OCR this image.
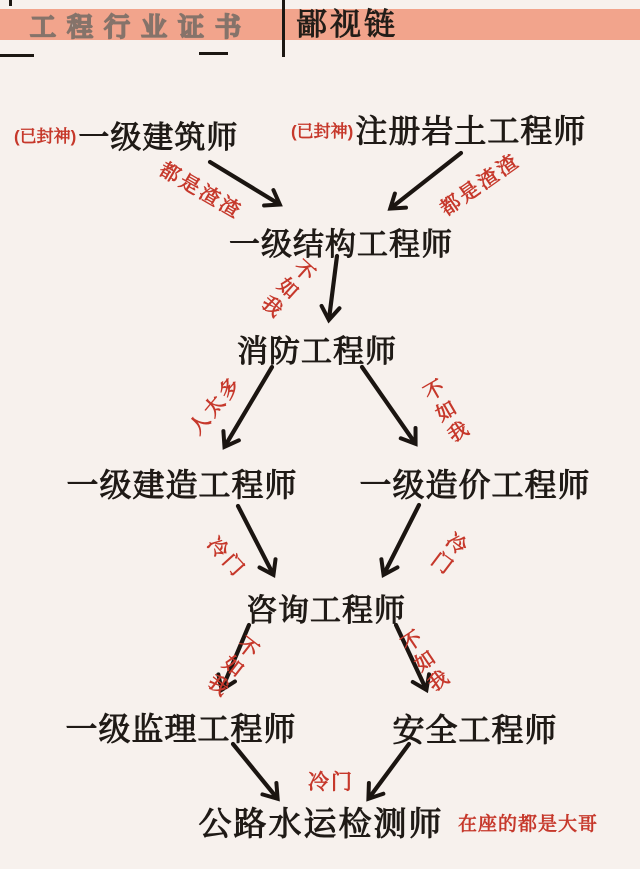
工程行业证书 鄙视链
(已封神) 一级建筑师	(已封神) 注册岩土工程师
一级结构工程师
消防工程师
一级建造工程师 一级造价工程师
咨询工程师
一级监理工程师	安全工程师
公路水运检测师
都是渣渣	都是渣渣
不如我
人太多	不如我
冷门	冷门
不如我	不如我
冷门
在座的都是大哥
